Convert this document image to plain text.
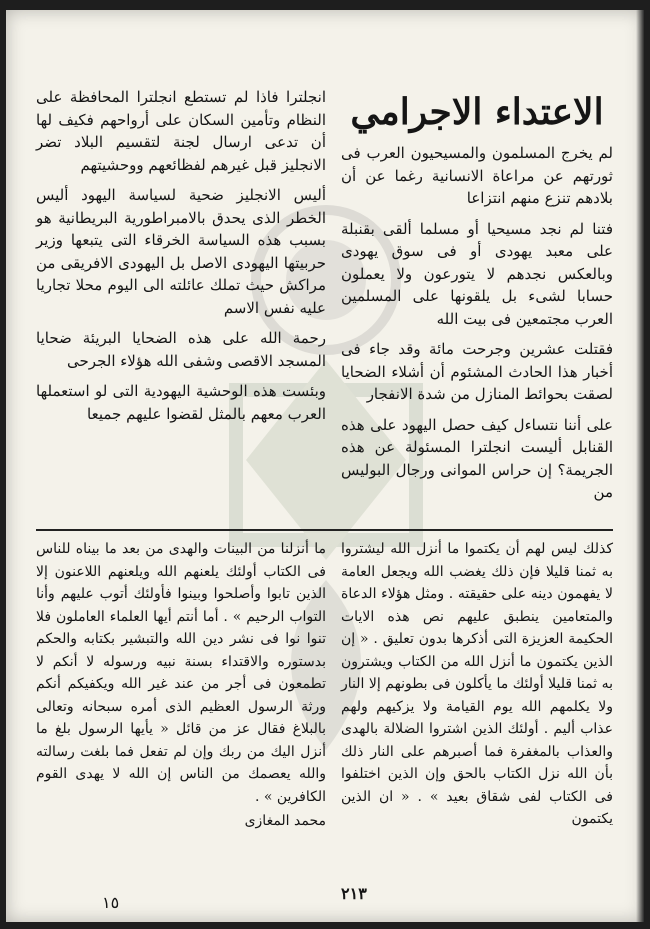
الاعتداء الاجرامي

لم يخرج المسلمون والمسيحيون العرب فى ثورتهم عن مراعاة الانسانية رغما عن أن بلادهم تنزع منهم انتزاعا

فتنا لم نجد مسيحيا أو مسلما ألقى بقنبلة على معبد يهودى أو فى سوق يهودى وبالعكس نجدهم لا يتورعون ولا يعملون حسابا لشىء بل يلقونها على المسلمين العرب مجتمعين فى بيت الله

فقتلت عشرين وجرحت مائة وقد جاء فى أخبار هذا الحادث المشئوم أن أشلاء الضحايا لصقت بحوائط المنازل من شدة الانفجار

على أننا نتساءل كيف حصل اليهود على هذه القنابل أليست انجلترا المسئولة عن هذه الجريمة؟ إن حراس الموانى ورجال البوليس من

انجلترا فاذا لم تستطع انجلترا المحافظة على النظام وتأمين السكان على أرواحهم فكيف لها أن تدعى ارسال لجنة لتقسيم البلاد تضر الانجليز قبل غيرهم لفظائعهم ووحشيتهم

أليس الانجليز ضحية لسياسة اليهود أليس الخطر الذى يحدق بالامبراطورية البريطانية هو بسبب هذه السياسة الخرقاء التى يتبعها وزير حربيتها اليهودى الاصل بل اليهودى الافريقى من مراكش حيث تملك عائلته الى اليوم محلا تجاريا عليه نفس الاسم

رحمة الله على هذه الضحايا البريئة ضحايا المسجد الاقصى وشفى الله هؤلاء الجرحى

وبئست هذه الوحشية اليهودية التى لو استعملها العرب معهم بالمثل لقضوا عليهم جميعا

كذلك ليس لهم أن يكتموا ما أنزل الله ليشتروا به ثمنا قليلا فإن ذلك يغضب الله ويجعل العامة لا يفهمون دينه على حقيقته . ومثل هؤلاء الدعاة والمتعامين ينطبق عليهم نص هذه الايات الحكيمة العزيزة التى أذكرها بدون تعليق . « إن الذين يكتمون ما أنزل الله من الكتاب ويشترون به ثمنا قليلا أولئك ما يأكلون فى بطونهم إلا النار ولا يكلمهم الله يوم القيامة ولا يزكيهم ولهم عذاب أليم . أولئك الذين اشتروا الضلالة بالهدى والعذاب بالمغفرة فما أصبرهم على النار ذلك بأن الله نزل الكتاب بالحق وإن الذين اختلفوا فى الكتاب لفى شقاق بعيد » . « ان الذين يكتمون

ما أنزلنا من البينات والهدى من بعد ما بيناه للناس فى الكتاب أولئك يلعنهم الله ويلعنهم اللاعنون إلا الذين تابوا وأصلحوا وبينوا فأولئك أتوب عليهم وأنا التواب الرحيم » . أما أنتم أيها العلماء العاملون فلا تنوا نوا فى نشر دين الله والتبشير بكتابه والحكم بدستوره والاقتداء بسنة نبيه ورسوله لا أنكم لا تطمعون فى أجر من عند غير الله ويكفيكم أنكم ورثة الرسول العظيم الذى أمره سبحانه وتعالى بالبلاغ فقال عز من قائل « يأيها الرسول بلغ ما أنزل اليك من ربك وإن لم تفعل فما بلغت رسالته والله يعصمك من الناس إن الله لا يهدى القوم الكافرين » .

محمد المغازى

١٥	٢١٣
